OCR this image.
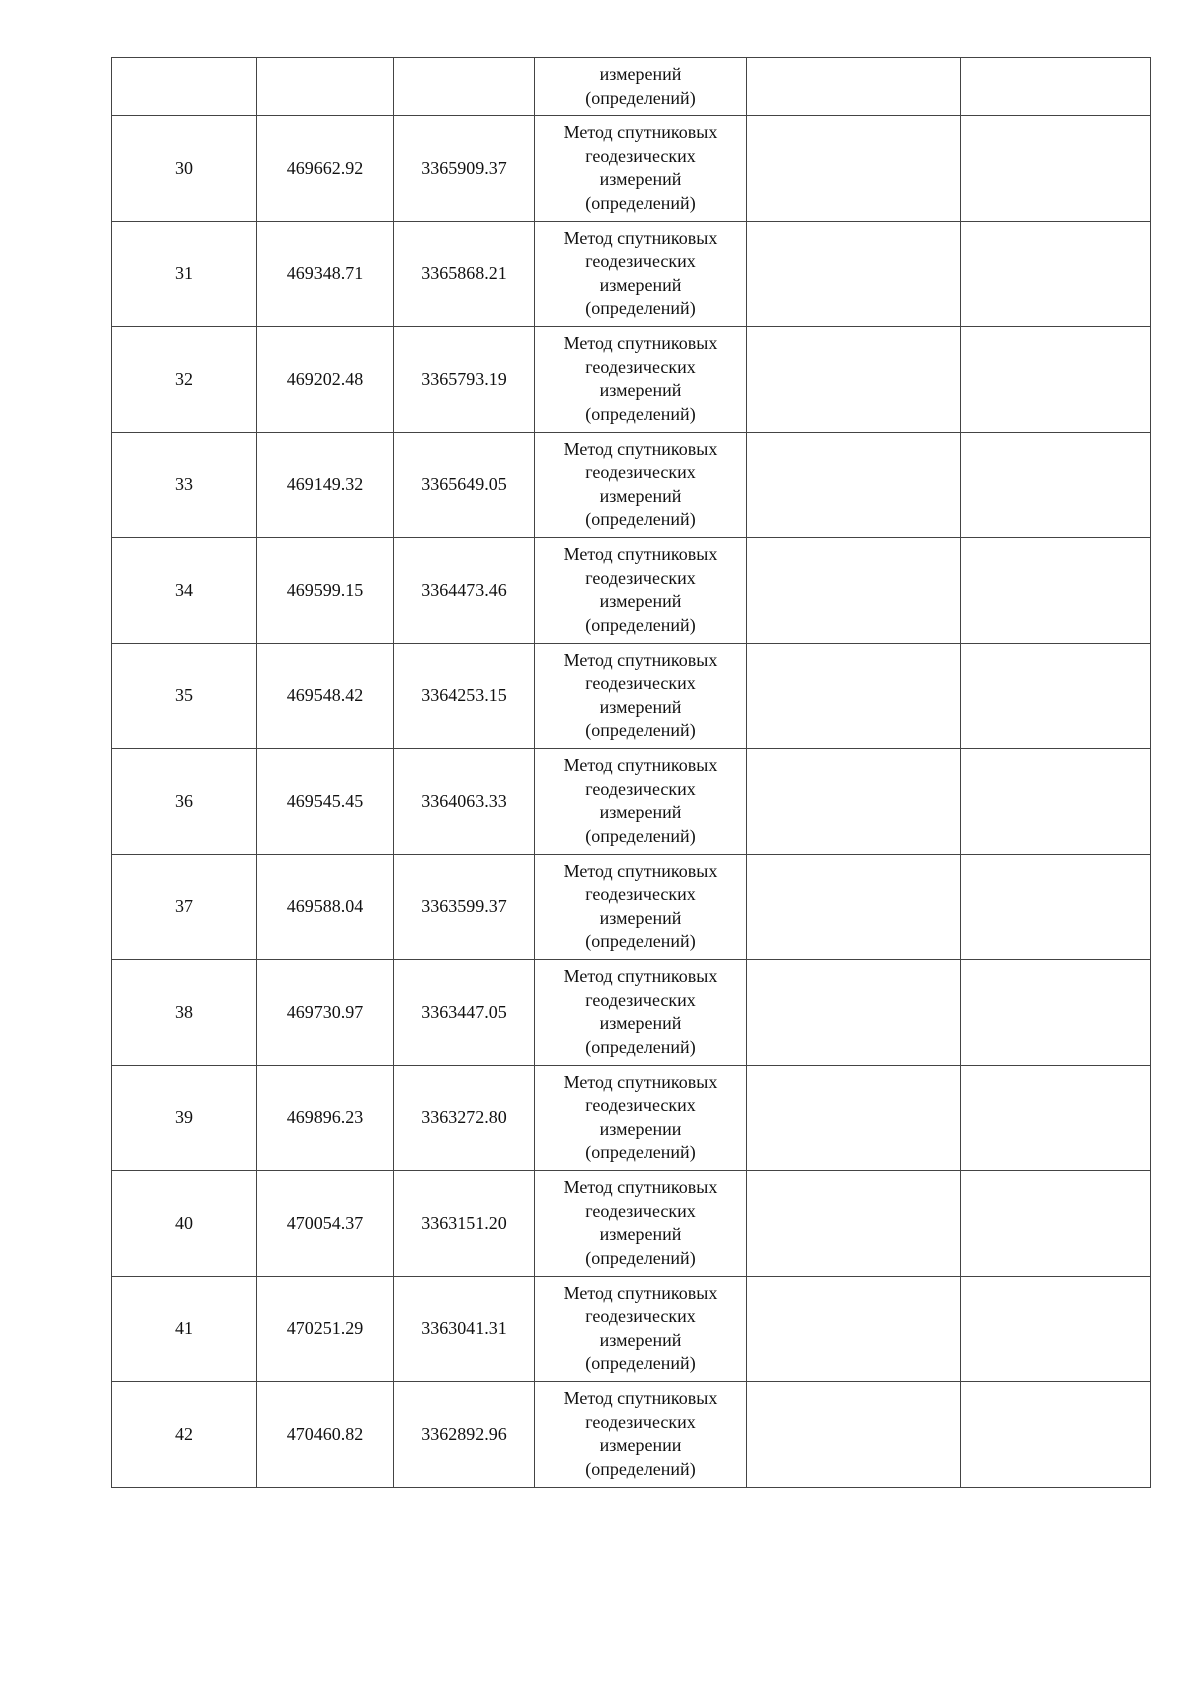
			измерений
(определений)		
30	469662.92	3365909.37	Метод спутниковых
геодезических
измерений
(определений)		
31	469348.71	3365868.21	Метод спутниковых
геодезических
измерений
(определений)		
32	469202.48	3365793.19	Метод спутниковых
геодезических
измерений
(определений)		
33	469149.32	3365649.05	Метод спутниковых
геодезических
измерений
(определений)		
34	469599.15	3364473.46	Метод спутниковых
геодезических
измерений
(определений)		
35	469548.42	3364253.15	Метод спутниковых
геодезических
измерений
(определений)		
36	469545.45	3364063.33	Метод спутниковых
геодезических
измерений
(определений)		
37	469588.04	3363599.37	Метод спутниковых
геодезических
измерений
(определений)		
38	469730.97	3363447.05	Метод спутниковых
геодезических
измерений
(определений)		
39	469896.23	3363272.80	Метод спутниковых
геодезических
измерении
(определений)		
40	470054.37	3363151.20	Метод спутниковых
геодезических
измерений
(определений)		
41	470251.29	3363041.31	Метод спутниковых
геодезических
измерений
(определений)		
42	470460.82	3362892.96	Метод спутниковых
геодезических
измерении
(определений)		
